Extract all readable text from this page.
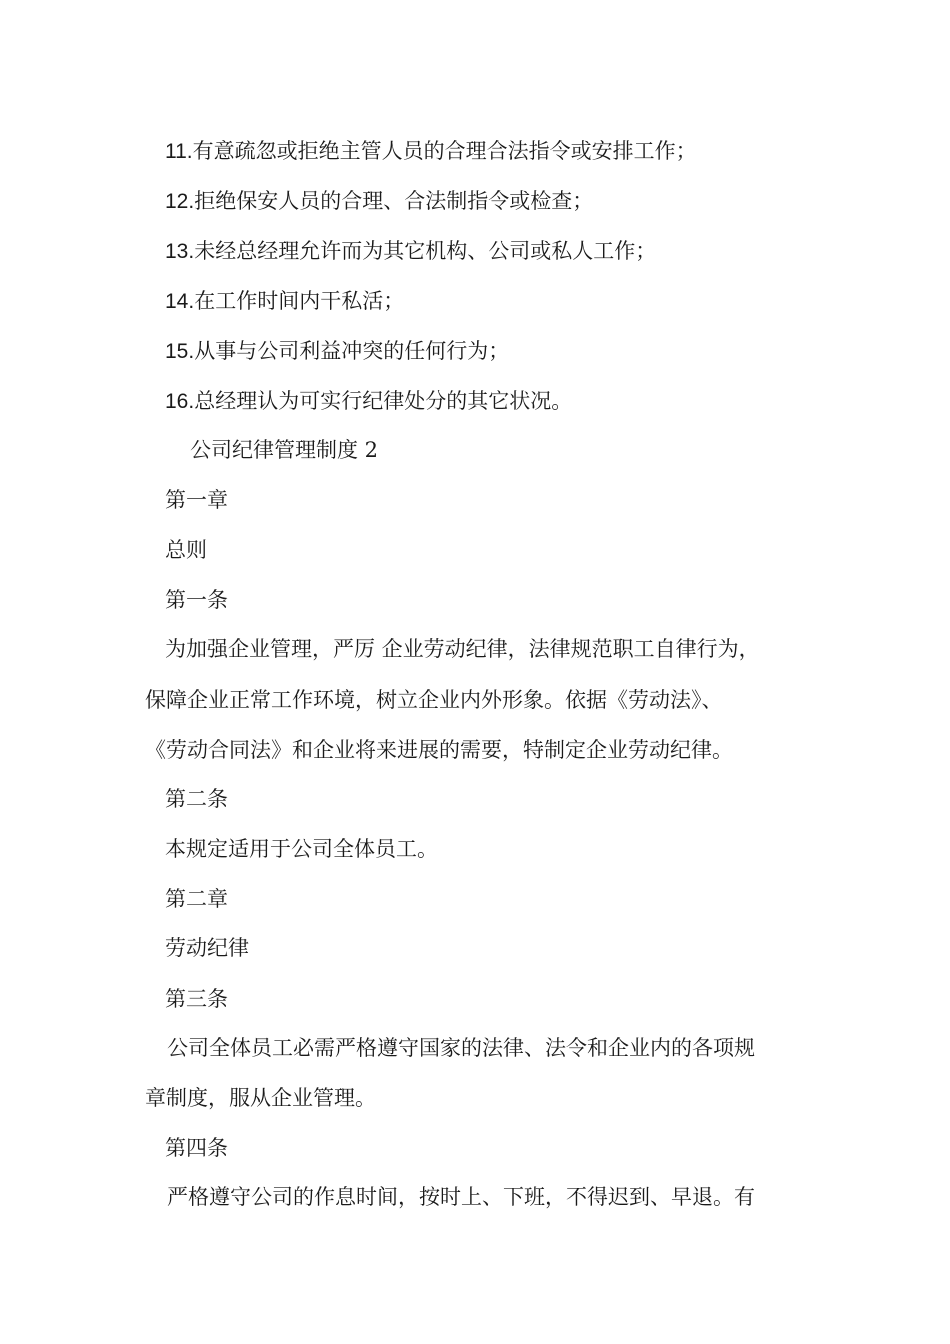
11.有意疏忽或拒绝主管人员的合理合法指令或安排工作；
12.拒绝保安人员的合理、合法制指令或检查；
13.未经总经理允许而为其它机构、公司或私人工作；
14.在工作时间内干私活；
15.从事与公司利益冲突的任何行为；
16.总经理认为可实行纪律处分的其它状况。
公司纪律管理制度 2
第一章
总则
第一条
为加强企业管理，严厉 企业劳动纪律，法律规范职工自律行为，
保障企业正常工作环境，树立企业内外形象。依据《劳动法》、
《劳动合同法》和企业将来进展的需要，特制定企业劳动纪律。
第二条
本规定适用于公司全体员工。
第二章
劳动纪律
第三条
公司全体员工必需严格遵守国家的法律、法令和企业内的各项规
章制度，服从企业管理。
第四条
严格遵守公司的作息时间，按时上、下班，不得迟到、早退。有
